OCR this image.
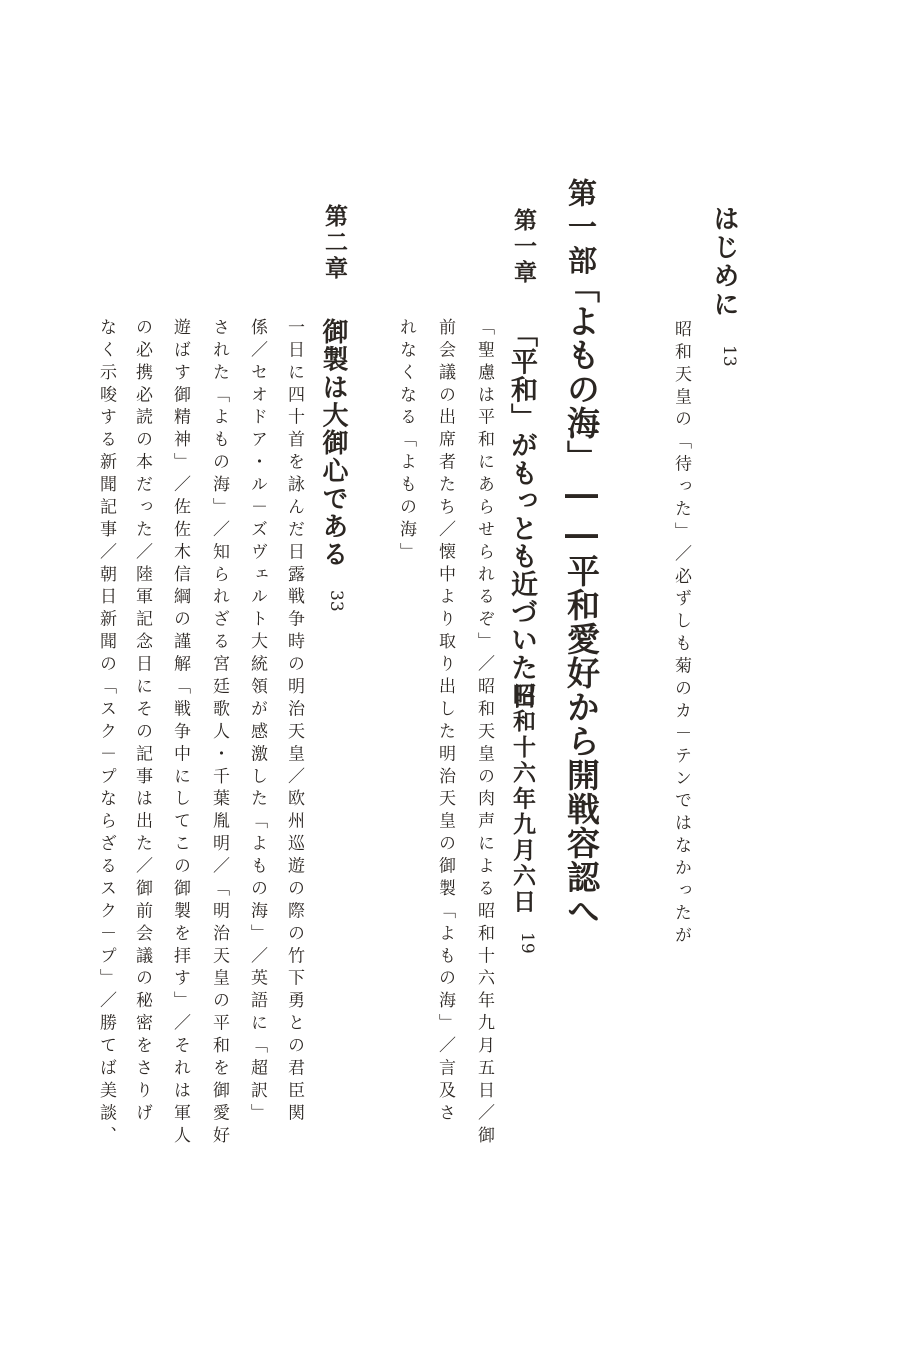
はじめに
13
昭和天皇の「待った」／必ずしも菊のカ－テンではなかったが
第一部
「よもの海」――平和愛好から開戦容認へ
第一章
「平和」がもっとも近づいた日
昭和十六年九月六日
19
「聖慮は平和にあらせられるぞ」／昭和天皇の肉声による昭和十六年九月五日／御
前会議の出席者たち／懐中より取り出した明治天皇の御製「よもの海」／言及さ
れなくなる「よもの海」
第二章
御製は大御心である
33
一日に四十首を詠んだ日露戦争時の明治天皇／欧州巡遊の際の竹下勇との君臣関
係／セオドア・ル－ズヴェルト大統領が感激した「よもの海」／英語に「超訳」
された「よもの海」／知られざる宮廷歌人・千葉胤明／「明治天皇の平和を御愛好
遊ばす御精神」／佐佐木信綱の謹解「戦争中にしてこの御製を拝す」／それは軍人
の必携必読の本だった／陸軍記念日にその記事は出た／御前会議の秘密をさりげ
なく示唆する新聞記事／朝日新聞の「スク－プならざるスク－プ」／勝てば美談、
